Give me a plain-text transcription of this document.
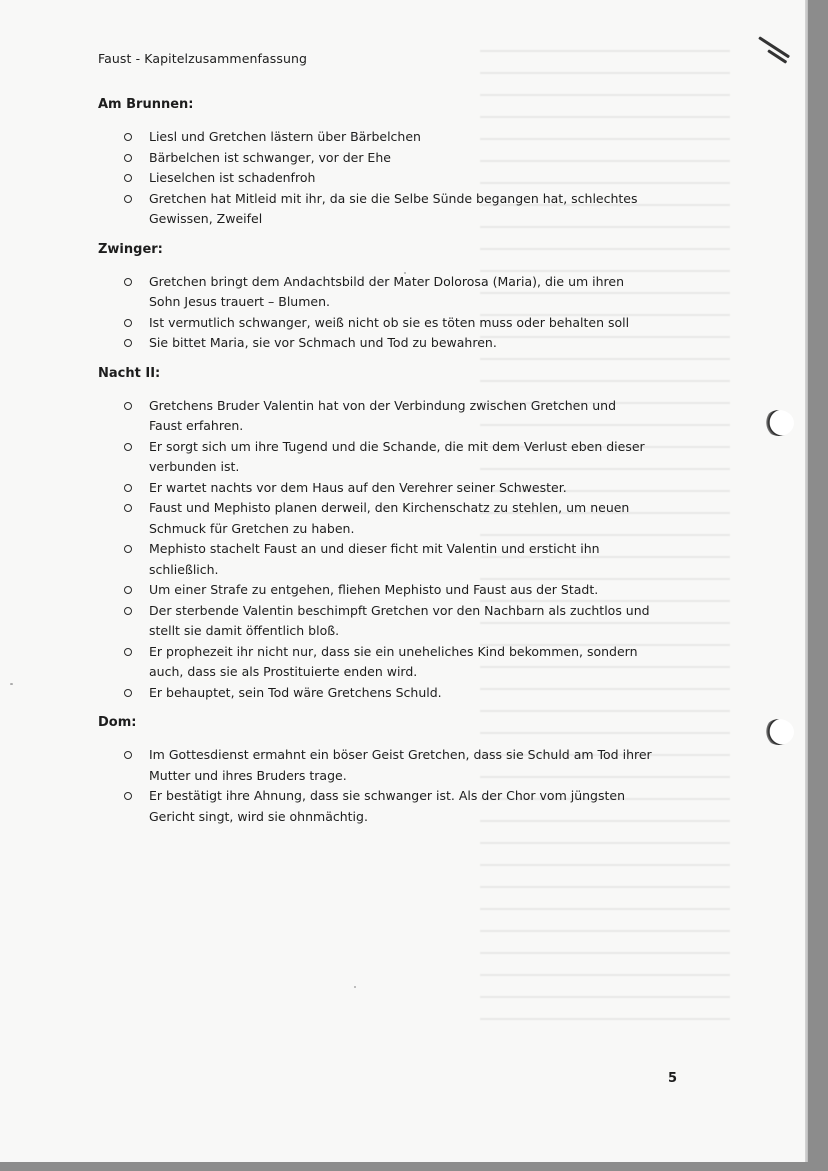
Faust - Kapitelzusammenfassung
Am Brunnen:
Liesl und Gretchen lästern über Bärbelchen
Bärbelchen ist schwanger, vor der Ehe
Lieselchen ist schadenfroh
Gretchen hat Mitleid mit ihr, da sie die Selbe Sünde begangen hat, schlechtes
Gewissen, Zweifel
Zwinger:
Gretchen bringt dem Andachtsbild der Mater Dolorosa (Maria), die um ihren
Sohn Jesus trauert – Blumen.
Ist vermutlich schwanger, weiß nicht ob sie es töten muss oder behalten soll
Sie bittet Maria, sie vor Schmach und Tod zu bewahren.
Nacht II:
Gretchens Bruder Valentin hat von der Verbindung zwischen Gretchen und
Faust erfahren.
Er sorgt sich um ihre Tugend und die Schande, die mit dem Verlust eben dieser
verbunden ist.
Er wartet nachts vor dem Haus auf den Verehrer seiner Schwester.
Faust und Mephisto planen derweil, den Kirchenschatz zu stehlen, um neuen
Schmuck für Gretchen zu haben.
Mephisto stachelt Faust an und dieser ficht mit Valentin und ersticht ihn
schließlich.
Um einer Strafe zu entgehen, fliehen Mephisto und Faust aus der Stadt.
Der sterbende Valentin beschimpft Gretchen vor den Nachbarn als zuchtlos und
stellt sie damit öffentlich bloß.
Er prophezeit ihr nicht nur, dass sie ein uneheliches Kind bekommen, sondern
auch, dass sie als Prostituierte enden wird.
Er behauptet, sein Tod wäre Gretchens Schuld.
Dom:
Im Gottesdienst ermahnt ein böser Geist Gretchen, dass sie Schuld am Tod ihrer
Mutter und ihres Bruders trage.
Er bestätigt ihre Ahnung, dass sie schwanger ist. Als der Chor vom jüngsten
Gericht singt, wird sie ohnmächtig.
5
